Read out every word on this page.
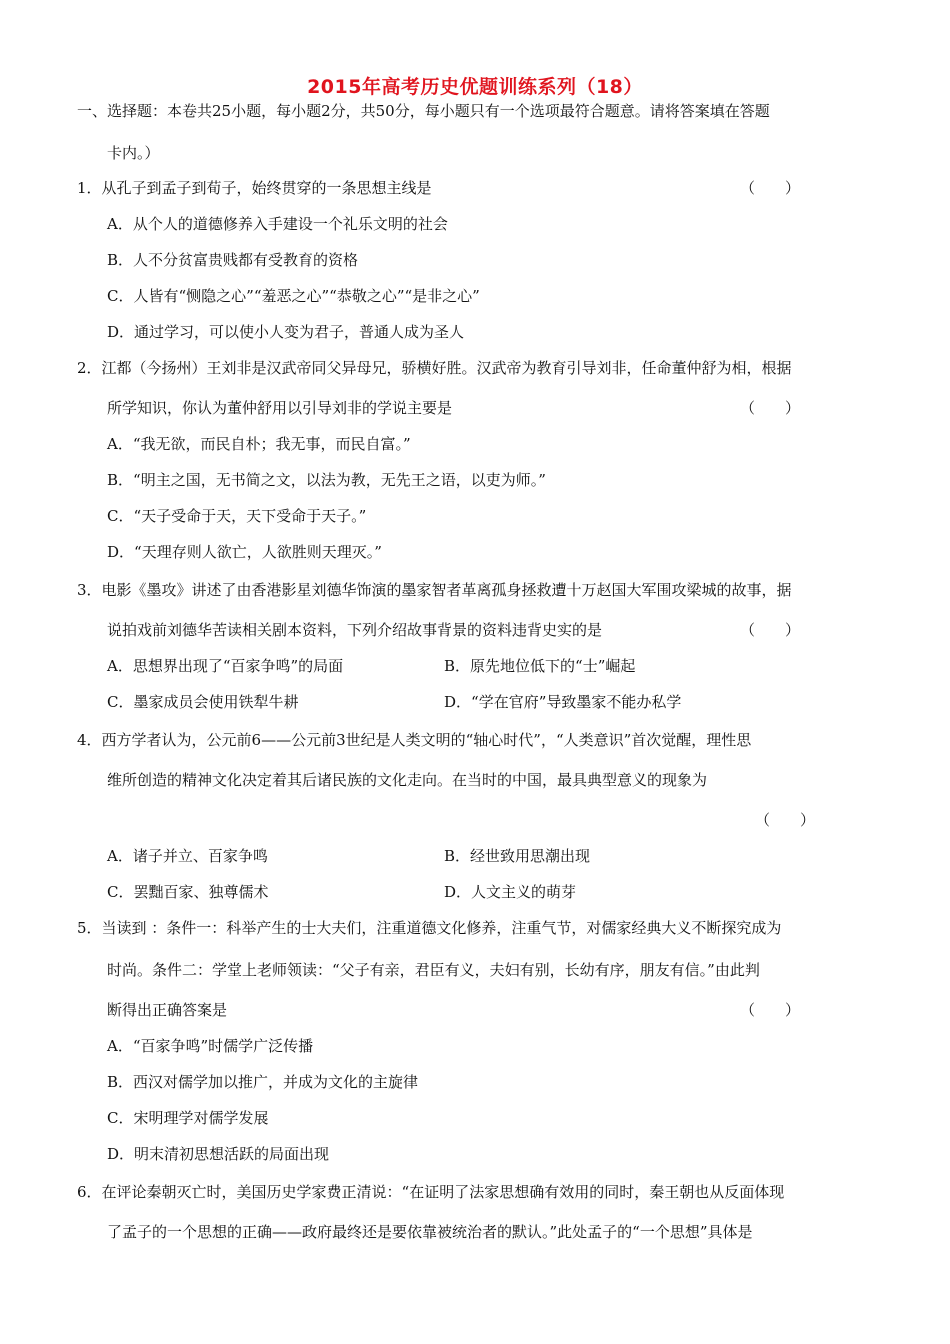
2015年高考历史优题训练系列（18）
一、选择题：本卷共25小题，每小题2分，共50分，每小题只有一个选项最符合题意。请将答案填在答题
卡内。）
1．从孔子到孟子到荀子，始终贯穿的一条思想主线是	（　　）
A．从个人的道德修养入手建设一个礼乐文明的社会
B．人不分贫富贵贱都有受教育的资格
C．人皆有“恻隐之心”“羞恶之心”“恭敬之心”“是非之心”
D．通过学习，可以使小人变为君子，普通人成为圣人
2．江都（今扬州）王刘非是汉武帝同父异母兄，骄横好胜。汉武帝为教育引导刘非，任命董仲舒为相，根据
所学知识，你认为董仲舒用以引导刘非的学说主要是	（　　）
A．“我无欲，而民自朴；我无事，而民自富。”
B．“明主之国，无书简之文，以法为教，无先王之语，以吏为师。”
C．“天子受命于天，天下受命于天子。”
D．“天理存则人欲亡，人欲胜则天理灭。”
3．电影《墨攻》讲述了由香港影星刘德华饰演的墨家智者革离孤身拯救遭十万赵国大军围攻梁城的故事，据
说拍戏前刘德华苦读相关剧本资料，下列介绍故事背景的资料违背史实的是	（　　）
A．思想界出现了“百家争鸣”的局面	B．原先地位低下的“士”崛起
C．墨家成员会使用铁犁牛耕	D．“学在官府”导致墨家不能办私学
4．西方学者认为，公元前6——公元前3世纪是人类文明的“轴心时代”，“人类意识”首次觉醒，理性思
维所创造的精神文化决定着其后诸民族的文化走向。在当时的中国，最具典型意义的现象为
（　　）
A．诸子并立、百家争鸣	B．经世致用思潮出现
C．罢黜百家、独尊儒术	D．人文主义的萌芽
5．当读到 ：条件一：科举产生的士大夫们，注重道德文化修养，注重气节，对儒家经典大义不断探究成为
时尚。条件二：学堂上老师领读：“父子有亲，君臣有义，夫妇有别，长幼有序，朋友有信。”由此判
断得出正确答案是	（　　）
A．“百家争鸣”时儒学广泛传播
B．西汉对儒学加以推广，并成为文化的主旋律
C．宋明理学对儒学发展
D．明末清初思想活跃的局面出现
6．在评论秦朝灭亡时，美国历史学家费正清说：“在证明了法家思想确有效用的同时，秦王朝也从反面体现
了孟子的一个思想的正确——政府最终还是要依靠被统治者的默认。”此处孟子的“一个思想”具体是
